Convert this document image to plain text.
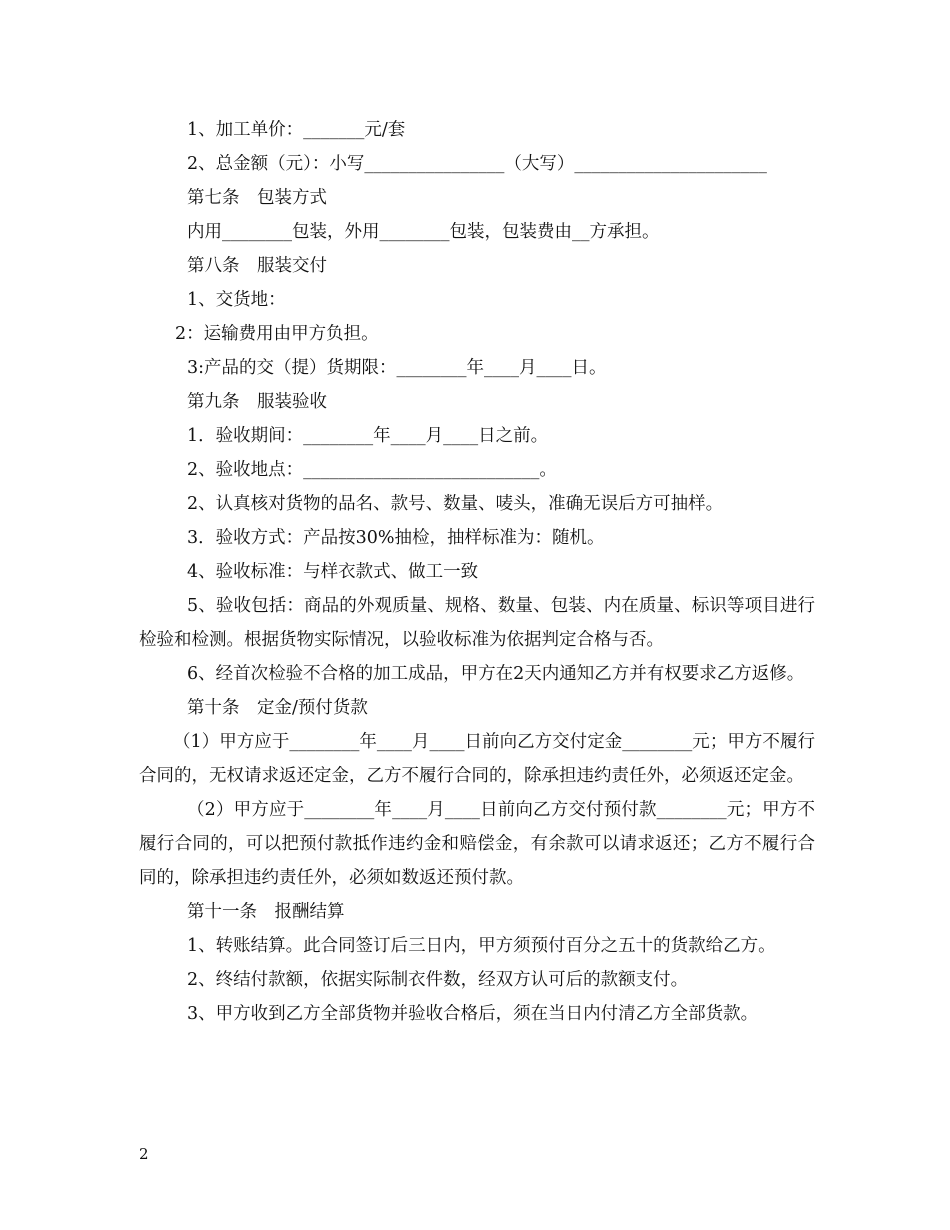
1、加工单价：_______元/套
2、总金额（元）：小写________________（大写）______________________
第七条　包装方式
内用________包装，外用________包装，包装费由__方承担。
第八条　服装交付
1、交货地：
2：运输费用由甲方负担。
3:产品的交（提）货期限：________年____月____日。
第九条　服装验收
1．验收期间：________年____月____日之前。
2、验收地点：___________________________。
2、认真核对货物的品名、款号、数量、唛头，准确无误后方可抽样。
3．验收方式：产品按30%抽检，抽样标准为：随机。
4、验收标准：与样衣款式、做工一致
5、验收包括：商品的外观质量、规格、数量、包装、内在质量、标识等项目进行检验和检测。根据货物实际情况，以验收标准为依据判定合格与否。
6、经首次检验不合格的加工成品，甲方在2天内通知乙方并有权要求乙方返修。
第十条　定金/预付货款
（1）甲方应于________年____月____日前向乙方交付定金________元；甲方不履行合同的，无权请求返还定金，乙方不履行合同的，除承担违约责任外，必须返还定金。
（2）甲方应于________年____月____日前向乙方交付预付款________元；甲方不履行合同的，可以把预付款抵作违约金和赔偿金，有余款可以请求返还；乙方不履行合同的，除承担违约责任外，必须如数返还预付款。
第十一条　报酬结算
1、转账结算。此合同签订后三日内，甲方须预付百分之五十的货款给乙方。
2、终结付款额，依据实际制衣件数，经双方认可后的款额支付。
3、甲方收到乙方全部货物并验收合格后，须在当日内付清乙方全部货款。
2
